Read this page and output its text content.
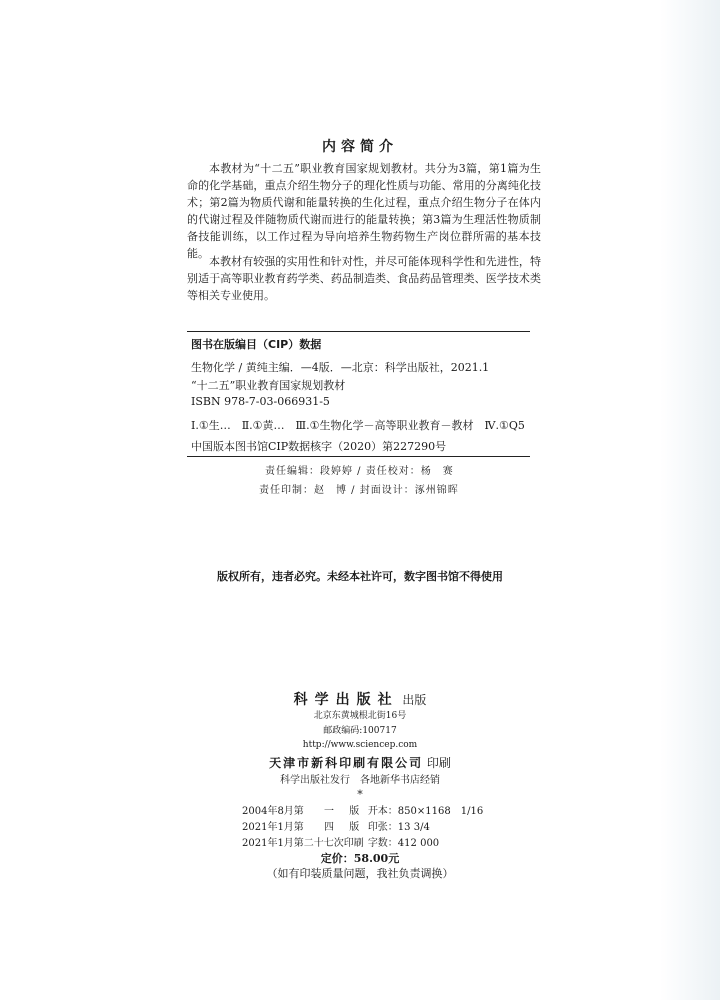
内容简介

本教材为“十二五”职业教育国家规划教材。共分为3篇，第1篇为生命的化学基础，重点介绍生物分子的理化性质与功能、常用的分离纯化技术；第2篇为物质代谢和能量转换的生化过程，重点介绍生物分子在体内的代谢过程及伴随物质代谢而进行的能量转换；第3篇为生理活性物质制备技能训练，以工作过程为导向培养生物药物生产岗位群所需的基本技能。

本教材有较强的实用性和针对性，并尽可能体现科学性和先进性，特别适于高等职业教育药学类、药品制造类、食品药品管理类、医学技术类等相关专业使用。

图书在版编目（CIP）数据
生物化学 / 黄纯主编．—4版．—北京：科学出版社，2021.1
“十二五”职业教育国家规划教材
ISBN 978-7-03-066931-5
Ⅰ.①生…　Ⅱ.①黄…　Ⅲ.①生物化学－高等职业教育－教材　Ⅳ.①Q5
中国版本图书馆CIP数据核字（2020）第227290号
责任编辑：段婷婷 / 责任校对：杨　赛
责任印制：赵　博 / 封面设计：涿州锦晖
版权所有，违者必究。未经本社许可，数字图书馆不得使用
科学出版社 出版
北京东黄城根北街16号
邮政编码:100717
http://www.sciencep.com
天津市新科印刷有限公司 印刷
科学出版社发行　各地新华书店经销
*
2004年8月第	一	版	开本：850×1168　1/16
2021年1月第	四	版	印张：13 3/4
2021年1月第二十七次印刷			字数：412 000
定价：58.00元
（如有印装质量问题，我社负责调换）
